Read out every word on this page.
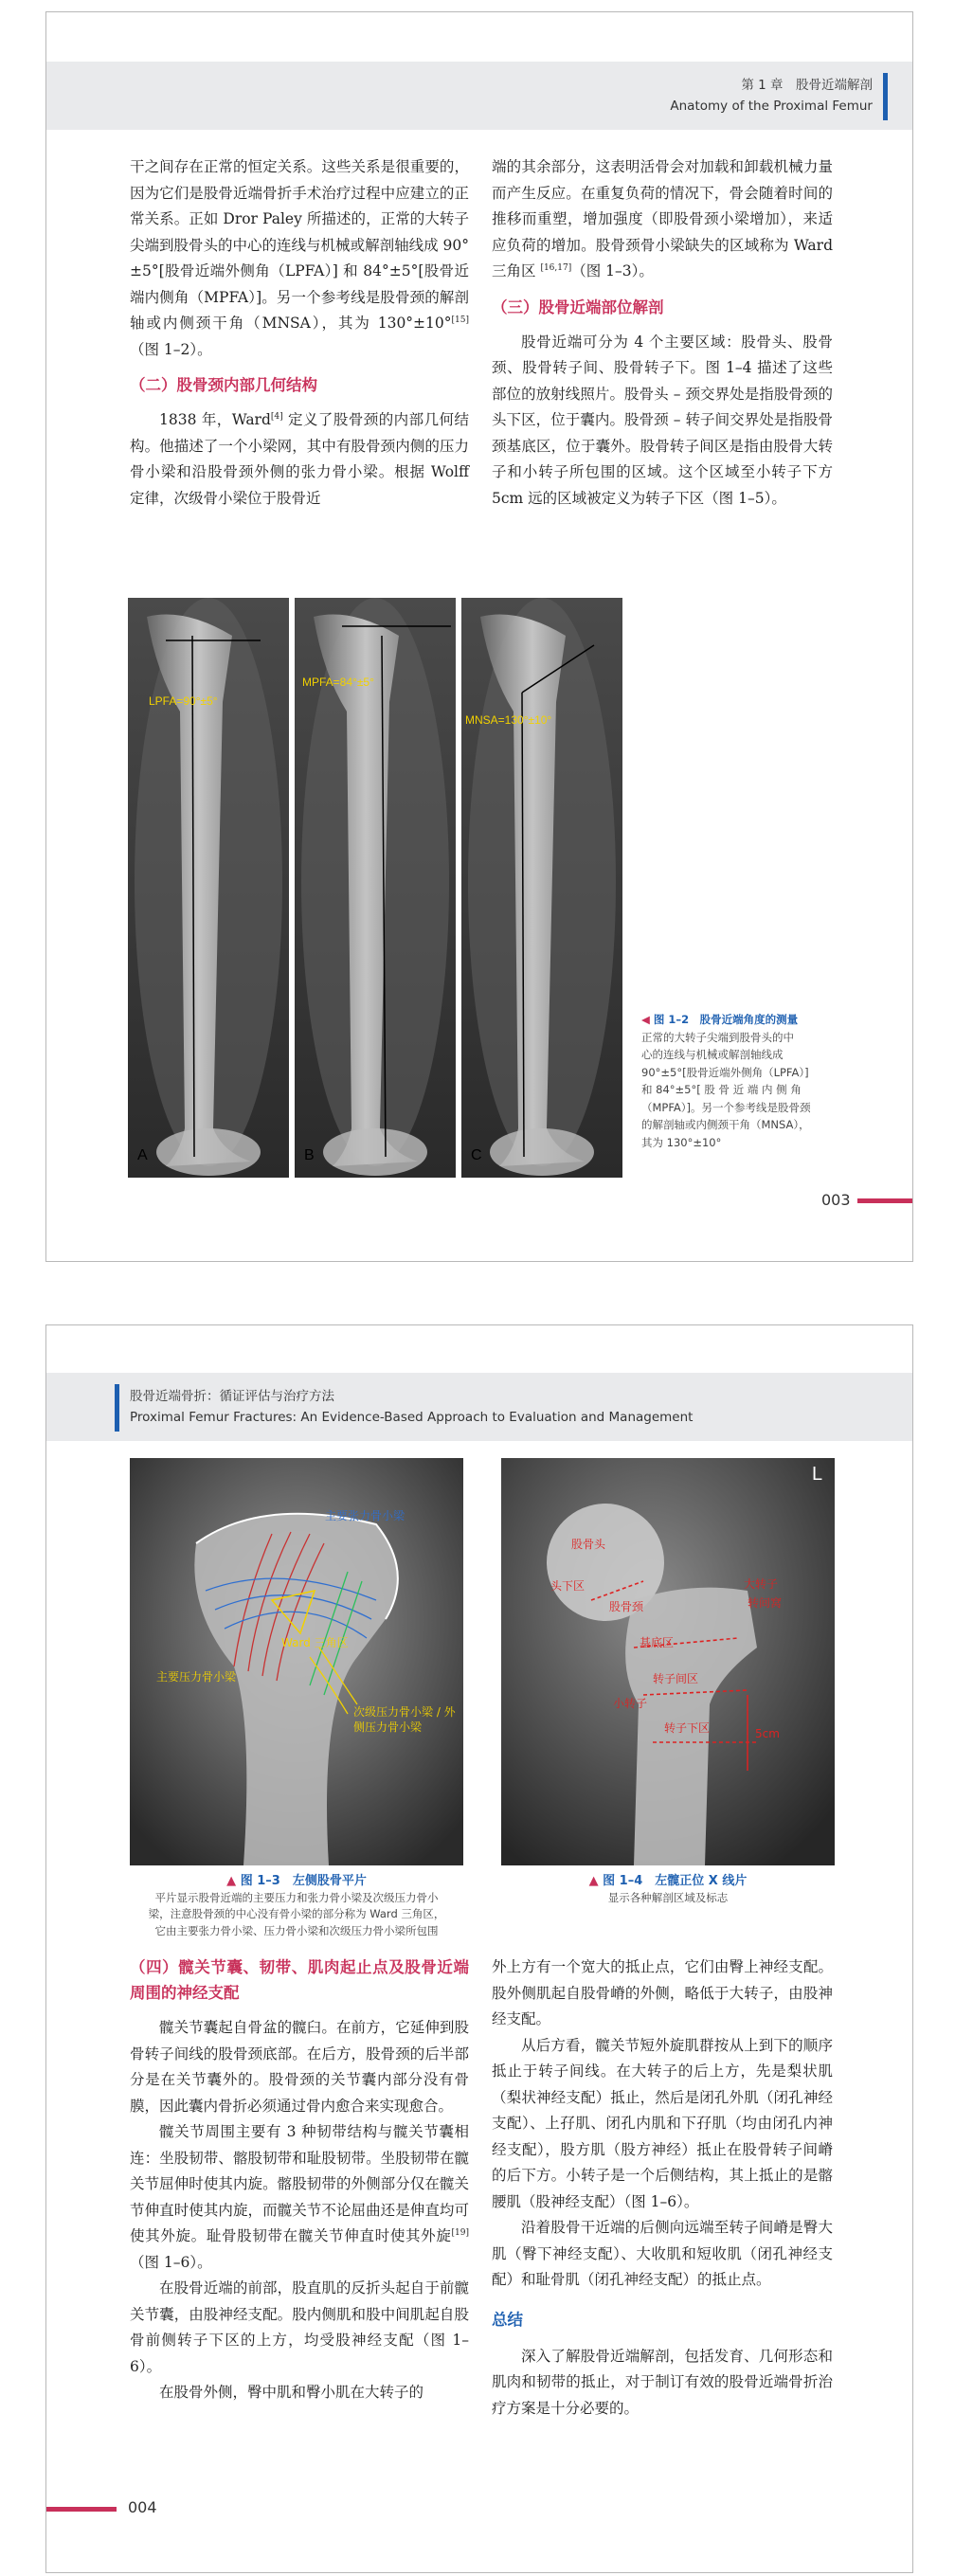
第 1 章　股骨近端解剖
Anatomy of the Proximal Femur

干之间存在正常的恒定关系。这些关系是很重要的，因为它们是股骨近端骨折手术治疗过程中应建立的正常关系。正如 Dror Paley 所描述的，正常的大转子尖端到股骨头的中心的连线与机械或解剖轴线成 90°±5°[股骨近端外侧角（LPFA）] 和 84°±5°[股骨近端内侧角（MPFA）]。另一个参考线是股骨颈的解剖轴或内侧颈干角（MNSA），其为 130°±10°[15]（图 1–2）。

（二）股骨颈内部几何结构

1838 年，Ward[4] 定义了股骨颈的内部几何结构。他描述了一个小梁网，其中有股骨颈内侧的压力骨小梁和沿股骨颈外侧的张力骨小梁。根据 Wolff 定律，次级骨小梁位于股骨近

端的其余部分，这表明活骨会对加载和卸载机械力量而产生反应。在重复负荷的情况下，骨会随着时间的推移而重塑，增加强度（即股骨颈小梁增加），来适应负荷的增加。股骨颈骨小梁缺失的区域称为 Ward 三角区 [16,17]（图 1–3）。

（三）股骨近端部位解剖

股骨近端可分为 4 个主要区域：股骨头、股骨颈、股骨转子间、股骨转子下。图 1–4 描述了这些部位的放射线照片。股骨头 – 颈交界处是指股骨颈的头下区，位于囊内。股骨颈 – 转子间交界处是指股骨颈基底区，位于囊外。股骨转子间区是指由股骨大转子和小转子所包围的区域。这个区域至小转子下方 5cm 远的区域被定义为转子下区（图 1–5）。

LPFA=90°±5°
A
MPFA=84°±5°
B
MNSA=130°±10°
C
◀ 图 1–2　股骨近端角度的测量
正常的大转子尖端到股骨头的中
心的连线与机械或解剖轴线成
90°±5°[股骨近端外侧角（LPFA）]
和 84°±5°[ 股 骨 近 端 内 侧 角
（MPFA）]。另一个参考线是股骨颈
的解剖轴或内侧颈干角（MNSA），
其为 130°±10°
003
股骨近端骨折：循证评估与治疗方法
Proximal Femur Fractures: An Evidence-Based Approach to Evaluation and Management
主要张力骨小梁
Ward 三角区
主要压力骨小梁
次级压力骨小梁 / 外侧压力骨小梁
▲ 图 1–3　左侧股骨平片
平片显示股骨近端的主要压力和张力骨小梁及次级压力骨小
梁，注意股骨颈的中心没有骨小梁的部分称为 Ward 三角区，
它由主要张力骨小梁、压力骨小梁和次级压力骨小梁所包围
股骨头
头下区
股骨颈
大转子
转间窝
基底区
转子间区
小转子
转子下区	5cm
L
▲ 图 1–4　左髋正位 X 线片
显示各种解剖区域及标志
（四）髋关节囊、韧带、肌肉起止点及股骨近端周围的神经支配

髋关节囊起自骨盆的髋臼。在前方，它延伸到股骨转子间线的股骨颈底部。在后方，股骨颈的后半部分是在关节囊外的。股骨颈的关节囊内部分没有骨膜，因此囊内骨折必须通过骨内愈合来实现愈合。

髋关节周围主要有 3 种韧带结构与髋关节囊相连：坐股韧带、髂股韧带和耻股韧带。坐股韧带在髋关节屈伸时使其内旋。髂股韧带的外侧部分仅在髋关节伸直时使其内旋，而髋关节不论屈曲还是伸直均可使其外旋。耻骨股韧带在髋关节伸直时使其外旋[19]（图 1–6）。

在股骨近端的前部，股直肌的反折头起自于前髋关节囊，由股神经支配。股内侧肌和股中间肌起自股骨前侧转子下区的上方，均受股神经支配（图 1–6）。

在股骨外侧，臀中肌和臀小肌在大转子的

外上方有一个宽大的抵止点，它们由臀上神经支配。股外侧肌起自股骨嵴的外侧，略低于大转子，由股神经支配。

从后方看，髋关节短外旋肌群按从上到下的顺序抵止于转子间线。在大转子的后上方，先是梨状肌（梨状神经支配）抵止，然后是闭孔外肌（闭孔神经支配）、上孖肌、闭孔内肌和下孖肌（均由闭孔内神经支配），股方肌（股方神经）抵止在股骨转子间嵴的后下方。小转子是一个后侧结构，其上抵止的是髂腰肌（股神经支配）（图 1–6）。

沿着股骨干近端的后侧向远端至转子间嵴是臀大肌（臀下神经支配）、大收肌和短收肌（闭孔神经支配）和耻骨肌（闭孔神经支配）的抵止点。

总结

深入了解股骨近端解剖，包括发育、几何形态和肌肉和韧带的抵止，对于制订有效的股骨近端骨折治疗方案是十分必要的。

004
